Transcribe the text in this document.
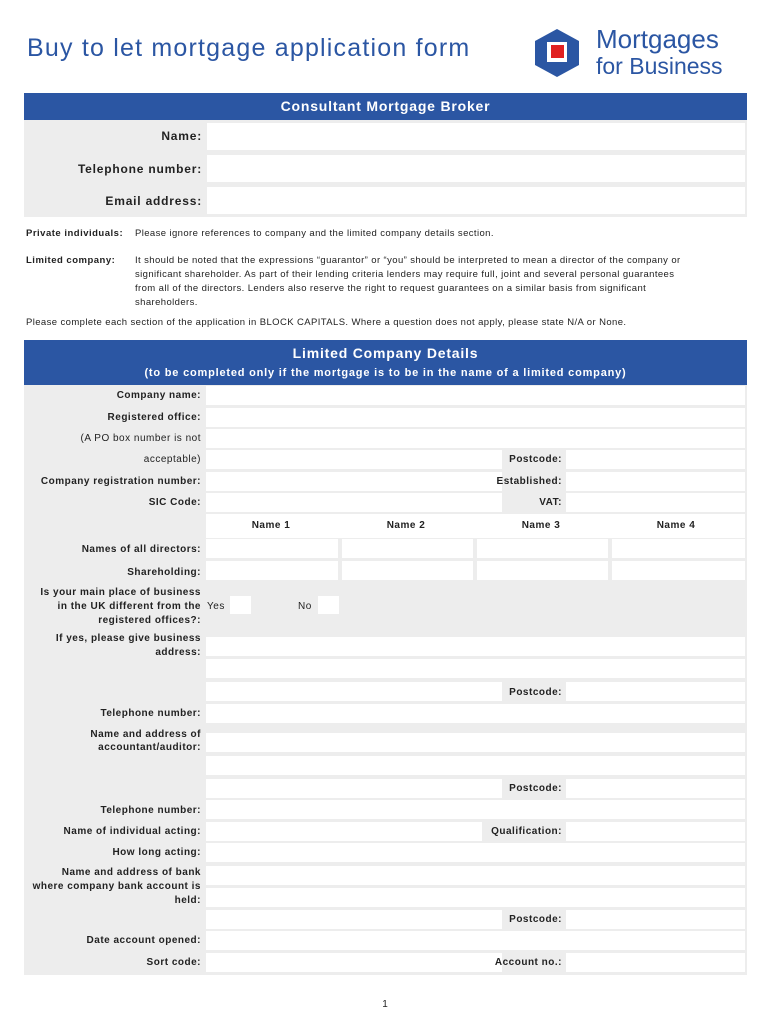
Buy to let mortgage application form	Mortgages
for Business
Consultant Mortgage Broker
Name:
Telephone number:
Email address:
Private individuals: Please ignore references to company and the limited company details section.
Limited company: It should be noted that the expressions “guarantor” or “you” should be interpreted to mean a director of the company or
significant shareholder. As part of their lending criteria lenders may require full, joint and several personal guarantees
from all of the directors. Lenders also reserve the right to request guarantees on a similar basis from significant
shareholders.
Please complete each section of the application in BLOCK CAPITALS. Where a question does not apply, please state N/A or None.
Limited Company Details
(to be completed only if the mortgage is to be in the name of a limited company)
Company name:
Registered office:
(A PO box number is not
acceptable)	Postcode:
Company registration number:	Established:
SIC Code:	VAT:
Name 1	Name 2	Name 3	Name 4
Names of all directors:
Shareholding:
Is your main place of business
in the UK different from the
registered offices?:
Yes	No
If yes, please give business
address:
Postcode:
Telephone number:
Name and address of
accountant/auditor:
Postcode:
Telephone number:
Name of individual acting:	Qualification:
How long acting:
Name and address of bank
where company bank account is
held:
Postcode:
Date account opened:
Sort code:	Account no.:
1
